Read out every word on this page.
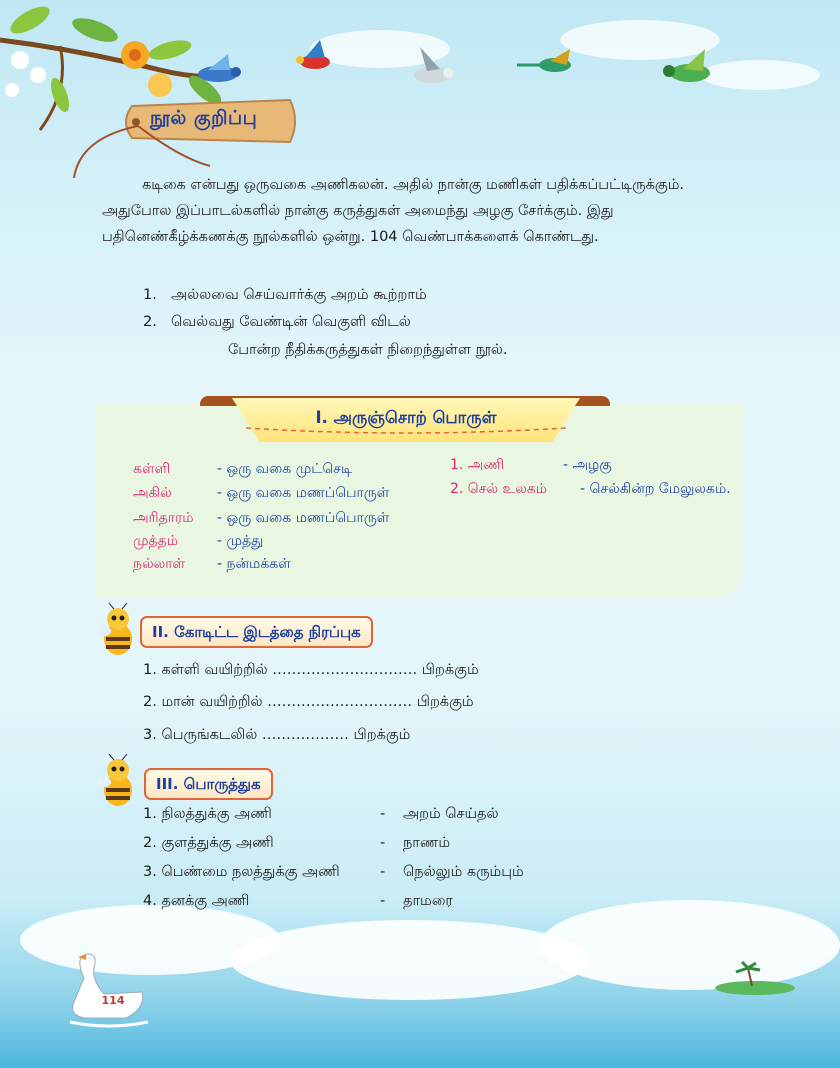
நூல் குறிப்பு

கடிகை என்பது ஒருவகை அணிகலன். அதில் நான்கு மணிகள் பதிக்கப்பட்டிருக்கும்.

அதுபோல இப்பாடல்களில் நான்கு கருத்துகள் அமைந்து அழகு சேர்க்கும். இது

பதினெண்கீழ்க்கணக்கு நூல்களில் ஒன்று. 104 வெண்பாக்களைக் கொண்டது.

1. அல்லவை செய்வார்க்கு அறம் கூற்றாம்
2. வெல்வது வேண்டின் வெகுளி விடல்
போன்ற நீதிக்கருத்துகள் நிறைந்துள்ள நூல்.
I. அருஞ்சொற் பொருள்
கள்ளி	- ஒரு வகை முட்செடி
அகில்	- ஒரு வகை மணப்பொருள்
அரிதாரம் - ஒரு வகை மணப்பொருள்
முத்தம்	- முத்து
நல்லாள் - நன்மக்கள்
1. அணி	- அழகு
2. செல் உலகம் - செல்கின்ற மேலுலகம்.
II. கோடிட்ட இடத்தை நிரப்புக
1. கள்ளி வயிற்றில் ………………………… பிறக்கும்
2. மான் வயிற்றில் ………………………… பிறக்கும்
3. பெருங்கடலில் ……………… பிறக்கும்
III. பொருத்துக
1. நிலத்துக்கு அணி	- அறம் செய்தல்
2. குளத்துக்கு அணி	- நாணம்
3. பெண்மை நலத்துக்கு அணி	- நெல்லும் கரும்பும்
4. தனக்கு அணி	- தாமரை
114
